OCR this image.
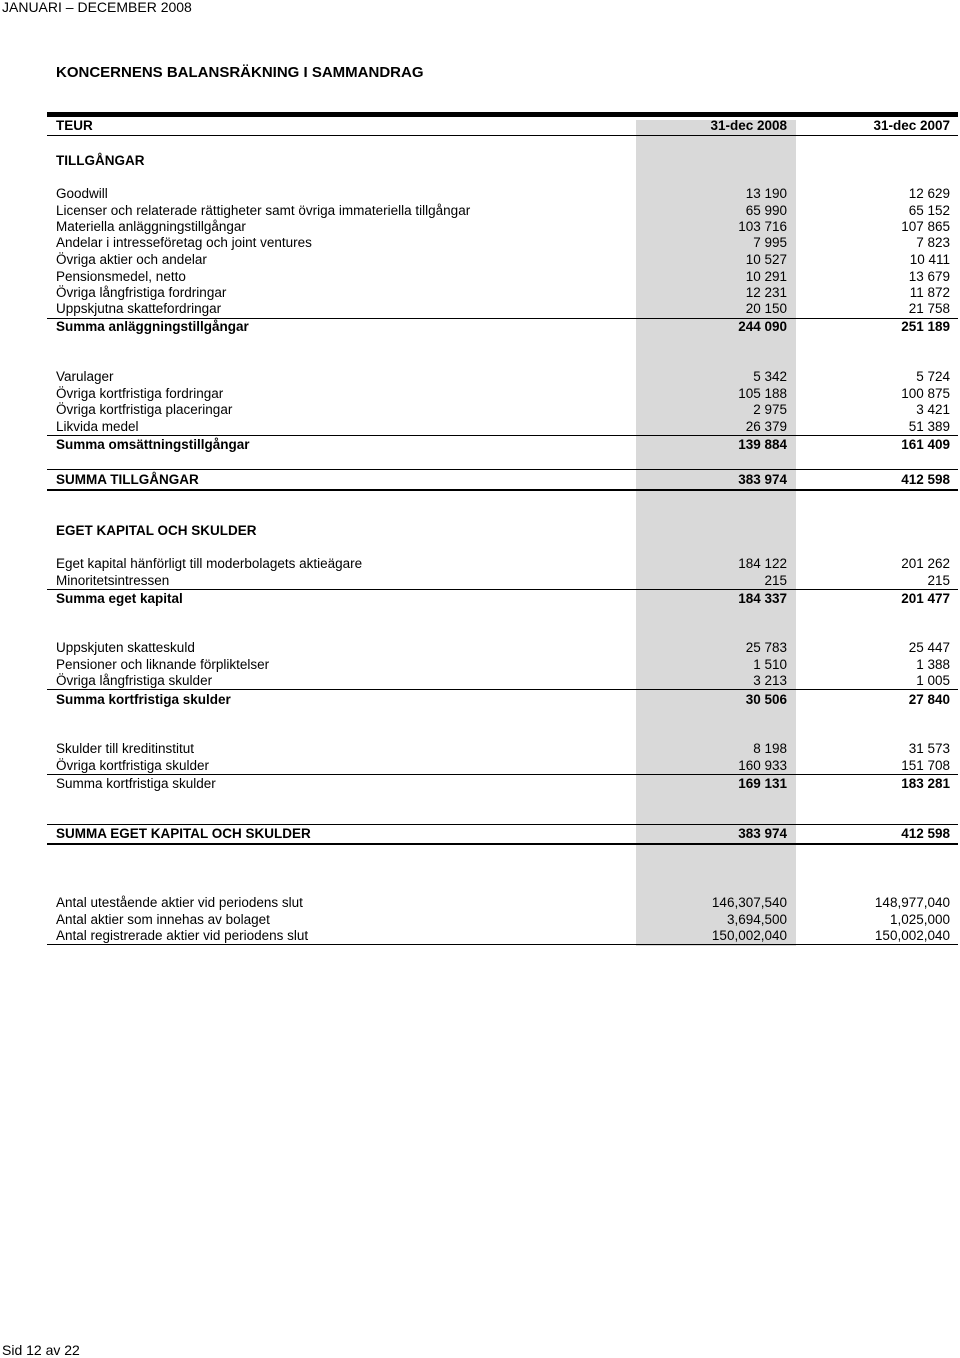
JANUARI – DECEMBER 2008
KONCERNENS BALANSRÄKNING I SAMMANDRAG
TEUR	31-dec 2008	31-dec 2007
TILLGÅNGAR
Goodwill	13 190	12 629
Licenser och relaterade rättigheter samt övriga immateriella tillgångar	65 990	65 152
Materiella anläggningstillgångar	103 716	107 865
Andelar i intresseföretag och joint ventures	7 995	7 823
Övriga aktier och andelar	10 527	10 411
Pensionsmedel, netto	10 291	13 679
Övriga långfristiga fordringar	12 231	11 872
Uppskjutna skattefordringar	20 150	21 758
Summa anläggningstillgångar	244 090	251 189
Varulager	5 342	5 724
Övriga kortfristiga fordringar	105 188	100 875
Övriga kortfristiga placeringar	2 975	3 421
Likvida medel	26 379	51 389
Summa omsättningstillgångar	139 884	161 409
SUMMA TILLGÅNGAR	383 974	412 598
EGET KAPITAL OCH SKULDER
Eget kapital hänförligt till moderbolagets aktieägare	184 122	201 262
Minoritetsintressen	215	215
Summa eget kapital	184 337	201 477
Uppskjuten skatteskuld	25 783	25 447
Pensioner och liknande förpliktelser	1 510	1 388
Övriga långfristiga skulder	3 213	1 005
Summa kortfristiga skulder	30 506	27 840
Skulder till kreditinstitut	8 198	31 573
Övriga kortfristiga skulder	160 933	151 708
Summa kortfristiga skulder	169 131	183 281
SUMMA EGET KAPITAL OCH SKULDER	383 974	412 598
Antal utestående aktier vid periodens slut	146,307,540	148,977,040
Antal aktier som innehas av bolaget	3,694,500	1,025,000
Antal registrerade aktier vid periodens slut	150,002,040	150,002,040
Sid 12 av 22
